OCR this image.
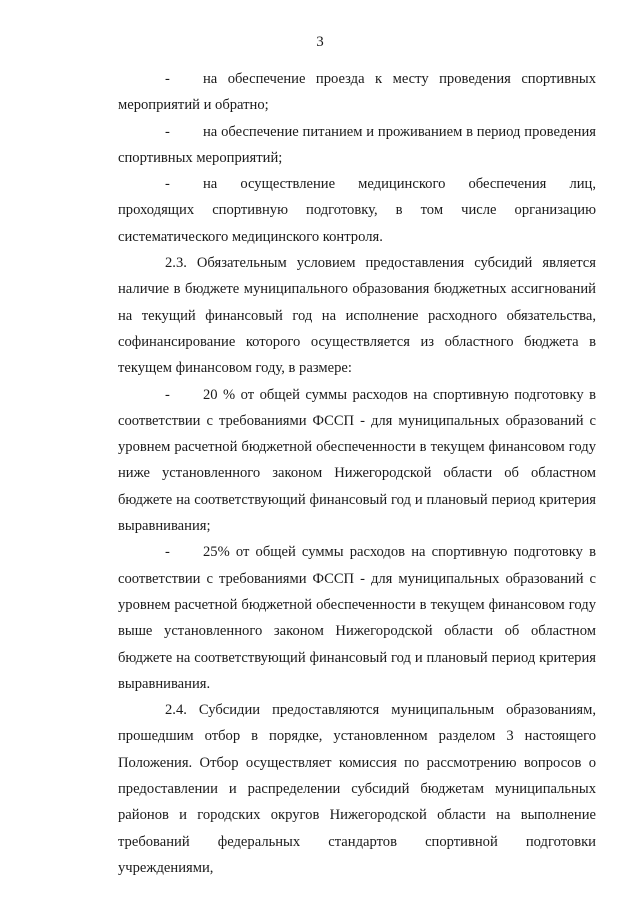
3

- на обеспечение проезда к месту проведения спортивных мероприятий и обратно;

- на обеспечение питанием и проживанием в период проведения спортивных мероприятий;

- на осуществление медицинского обеспечения лиц, проходящих спортивную подготовку, в том числе организацию систематического медицинского контроля.

2.3. Обязательным условием предоставления субсидий является наличие в бюджете муниципального образования бюджетных ассигнований на текущий финансовый год на исполнение расходного обязательства, софинансирование которого осуществляется из областного бюджета в текущем финансовом году, в размере:

- 20 % от общей суммы расходов на спортивную подготовку в соответствии с требованиями ФССП - для муниципальных образований с уровнем расчетной бюджетной обеспеченности в текущем финансовом году ниже установленного законом Нижегородской области об областном бюджете на соответствующий финансовый год и плановый период критерия выравнивания;

- 25% от общей суммы расходов на спортивную подготовку в соответствии с требованиями ФССП - для муниципальных образований с уровнем расчетной бюджетной обеспеченности в текущем финансовом году выше установленного законом Нижегородской области об областном бюджете на соответствующий финансовый год и плановый период критерия выравнивания.

2.4. Субсидии предоставляются муниципальным образованиям, прошедшим отбор в порядке, установленном разделом 3 настоящего Положения. Отбор осуществляет комиссия по рассмотрению вопросов о предоставлении и распределении субсидий бюджетам муниципальных районов и городских округов Нижегородской области на выполнение требований федеральных стандартов спортивной подготовки учреждениями,
